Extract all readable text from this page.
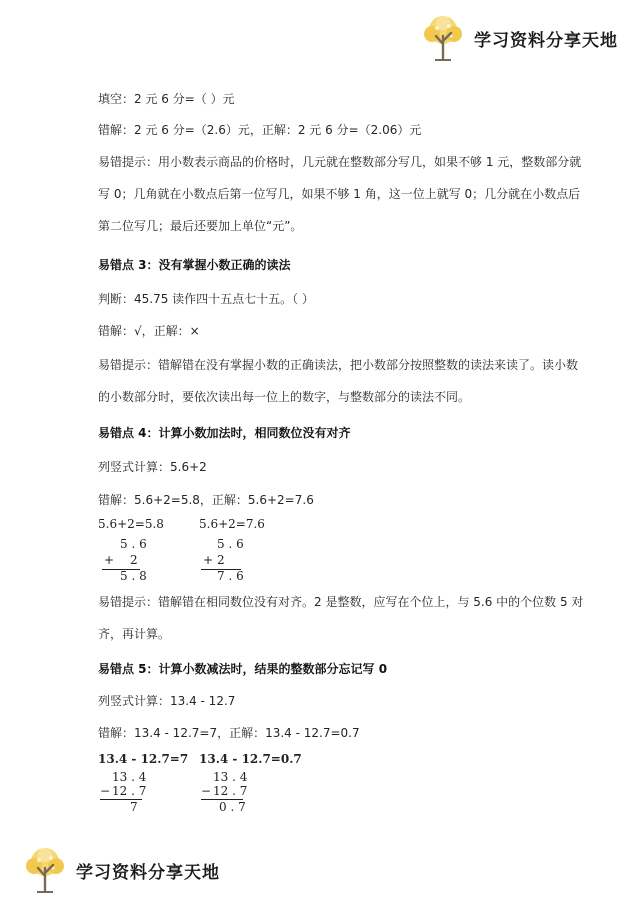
学习资料分享天地
填空：2 元 6 分=（ ）元
错解：2 元 6 分=（2.6）元，正解：2 元 6 分=（2.06）元
易错提示：用小数表示商品的价格时，几元就在整数部分写几，如果不够 1 元，整数部分就
写 0；几角就在小数点后第一位写几，如果不够 1 角，这一位上就写 0；几分就在小数点后
第二位写几；最后还要加上单位“元”。
易错点 3：没有掌握小数正确的读法
判断：45.75 读作四十五点七十五。（ ）
错解：√，正解：×
易错提示：错解错在没有掌握小数的正确读法，把小数部分按照整数的读法来读了。读小数
的小数部分时，要依次读出每一位上的数字，与整数部分的读法不同。
易错点 4：计算小数加法时，相同数位没有对齐
列竖式计算：5.6+2
错解：5.6+2=5.8，正解：5.6+2=7.6
5.6+2=5.8
5 . 6
+ 2
5 . 8
5.6+2=7.6
5 . 6
+ 2
7 . 6
易错提示：错解错在相同数位没有对齐。2 是整数，应写在个位上，与 5.6 中的个位数 5 对
齐，再计算。
易错点 5：计算小数减法时，结果的整数部分忘记写 0
列竖式计算：13.4 - 12.7
错解：13.4 - 12.7=7，正解：13.4 - 12.7=0.7
13.4 - 12.7=7
13 . 4
− 12 . 7
7
13.4 - 12.7=0.7
13 . 4
− 12 . 7
0 . 7
学习资料分享天地
